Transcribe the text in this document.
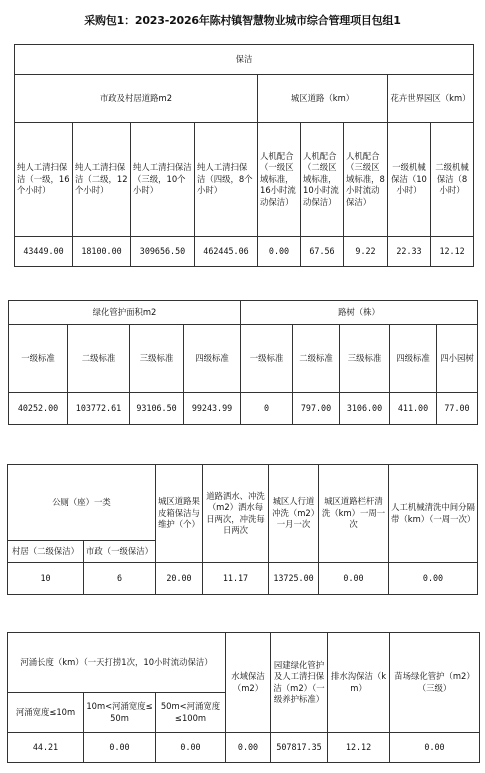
采购包1：2023-2026年陈村镇智慧物业城市综合管理项目包组1
保洁								
市政及村居道路m2				城区道路（km）			花卉世界园区（km）	
纯人工清扫保洁（一级，16个小时）	纯人工清扫保洁（二级，12个小时）	纯人工清扫保洁（三级，10个小时）	纯人工清扫保洁（四级，8个小时）	人机配合（一级区域标准，16小时流动保洁）	人机配合（二级区域标准，10小时流动保洁）	人机配合（三级区域标准，8小时流动保洁）	一级机械保洁（10小时）	二级机械保洁（8小时）
43449.00	18100.00	309656.50	462445.06	0.00	67.56	9.22	22.33	12.12
绿化管护面积m2				路树（株）				
一级标准	二级标准	三级标准	四级标准	一级标准	二级标准	三级标准	四级标准	四小园树
40252.00	103772.61	93106.50	99243.99	0	797.00	3106.00	411.00	77.00
公厕（座）一类		城区道路果皮箱保洁与维护（个）	道路洒水、冲洗（m2）洒水每日两次，冲洗每日两次	城区人行道冲洗（m2）一月一次	城区道路栏杆清洗（km）一周一次	人工机械清洗中间分隔带（km）（一周一次）
村居（二级保洁）	市政（一级保洁）					
10	6	20.00	11.17	13725.00	0.00	0.00
河涌长度（km）（一天打捞1次，10小时流动保洁）			水域保洁（m2）	园建绿化管护及人工清扫保洁（m2）（一级养护标准）	排水沟保洁（km）	苗场绿化管护（m2）（三级）
河涌宽度≤10m	10m<河涌宽度≤50m	50m<河涌宽度≤100m				
44.21	0.00	0.00	0.00	507817.35	12.12	0.00
